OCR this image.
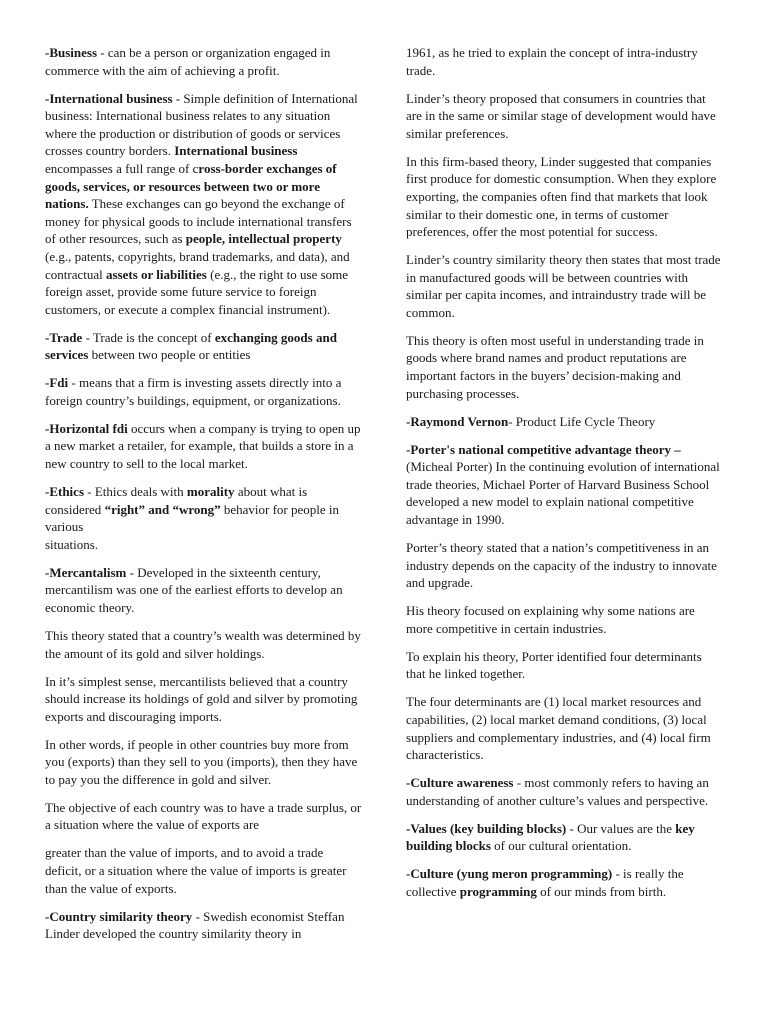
-Business - can be a person or organization engaged in commerce with the aim of achieving a profit.

-International business - Simple definition of International business: International business relates to any situation where the production or distribution of goods or services crosses country borders. International business encompasses a full range of cross-border exchanges of goods, services, or resources between two or more nations. These exchanges can go beyond the exchange of money for physical goods to include international transfers of other resources, such as people, intellectual property (e.g., patents, copyrights, brand trademarks, and data), and contractual assets or liabilities (e.g., the right to use some foreign asset, provide some future service to foreign customers, or execute a complex financial instrument).

-Trade - Trade is the concept of exchanging goods and services between two people or entities

-Fdi - means that a firm is investing assets directly into a foreign country’s buildings, equipment, or organizations.

-Horizontal fdi occurs when a company is trying to open up a new market a retailer, for example, that builds a store in a new country to sell to the local market.

-Ethics - Ethics deals with morality about what is considered “right” and “wrong” behavior for people in various
situations.

-Mercantalism - Developed in the sixteenth century, mercantilism was one of the earliest efforts to develop an economic theory.

This theory stated that a country’s wealth was determined by the amount of its gold and silver holdings.

In it’s simplest sense, mercantilists believed that a country should increase its holdings of gold and silver by promoting exports and discouraging imports.

In other words, if people in other countries buy more from you (exports) than they sell to you (imports), then they have to pay you the difference in gold and silver.

The objective of each country was to have a trade surplus, or a situation where the value of exports are

greater than the value of imports, and to avoid a trade deficit, or a situation where the value of imports is greater than the value of exports.

-Country similarity theory - Swedish economist Steffan Linder developed the country similarity theory in

1961, as he tried to explain the concept of intra-industry trade.

Linder’s theory proposed that consumers in countries that are in the same or similar stage of development would have similar preferences.

In this firm-based theory, Linder suggested that companies first produce for domestic consumption. When they explore exporting, the companies often find that markets that look similar to their domestic one, in terms of customer preferences, offer the most potential for success.

Linder’s country similarity theory then states that most trade in manufactured goods will be between countries with similar per capita incomes, and intraindustry trade will be common.

This theory is often most useful in understanding trade in goods where brand names and product reputations are important factors in the buyers’ decision-making and purchasing processes.

-Raymond Vernon- Product Life Cycle Theory

-Porter's national competitive advantage theory – (Micheal Porter) In the continuing evolution of international trade theories, Michael Porter of Harvard Business School developed a new model to explain national competitive advantage in 1990.

Porter’s theory stated that a nation’s competitiveness in an industry depends on the capacity of the industry to innovate and upgrade.

His theory focused on explaining why some nations are more competitive in certain industries.

To explain his theory, Porter identified four determinants that he linked together.

The four determinants are (1) local market resources and capabilities, (2) local market demand conditions, (3) local suppliers and complementary industries, and (4) local firm characteristics.

-Culture awareness - most commonly refers to having an understanding of another culture’s values and perspective.

-Values (key building blocks) - Our values are the key building blocks of our cultural orientation.

-Culture (yung meron programming) - is really the collective programming of our minds from birth.
